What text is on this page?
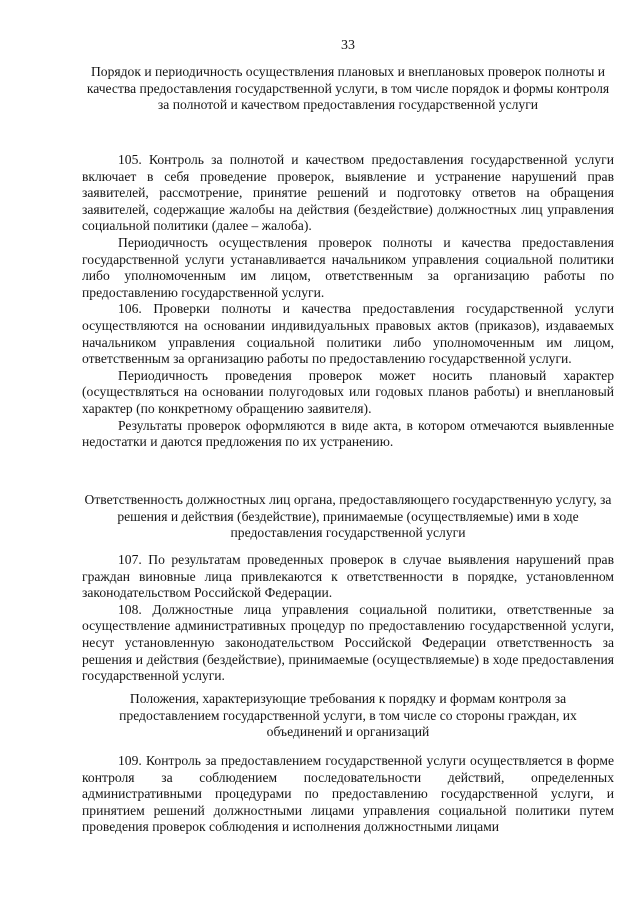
33

Порядок и периодичность осуществления плановых и внеплановых проверок полноты и качества предоставления государственной услуги, в том числе порядок и формы контроля за полнотой и качеством предоставления государственной услуги

105. Контроль за полнотой и качеством предоставления государственной услуги включает в себя проведение проверок, выявление и устранение нарушений прав заявителей, рассмотрение, принятие решений и подготовку ответов на обращения заявителей, содержащие жалобы на действия (бездействие) должностных лиц управления социальной политики (далее – жалоба).

Периодичность осуществления проверок полноты и качества предоставления государственной услуги устанавливается начальником управления социальной политики либо уполномоченным им лицом, ответственным за организацию работы по предоставлению государственной услуги.

106. Проверки полноты и качества предоставления государственной услуги осуществляются на основании индивидуальных правовых актов (приказов), издаваемых начальником управления социальной политики либо уполномоченным им лицом, ответственным за организацию работы по предоставлению государственной услуги.

Периодичность проведения проверок может носить плановый характер (осуществляться на основании полугодовых или годовых планов работы) и внеплановый характер (по конкретному обращению заявителя).

Результаты проверок оформляются в виде акта, в котором отмечаются выявленные недостатки и даются предложения по их устранению.

Ответственность должностных лиц органа, предоставляющего государственную услугу, за решения и действия (бездействие), принимаемые (осуществляемые) ими в ходе предоставления государственной услуги

107. По результатам проведенных проверок в случае выявления нарушений прав граждан виновные лица привлекаются к ответственности в порядке, установленном законодательством Российской Федерации.

108. Должностные лица управления социальной политики, ответственные за осуществление административных процедур по предоставлению государственной услуги, несут установленную законодательством Российской Федерации ответственность за решения и действия (бездействие), принимаемые (осуществляемые) в ходе предоставления государственной услуги.

Положения, характеризующие требования к порядку и формам контроля за предоставлением государственной услуги, в том числе со стороны граждан, их объединений и организаций

109. Контроль за предоставлением государственной услуги осуществляется в форме контроля за соблюдением последовательности действий, определенных административными процедурами по предоставлению государственной услуги, и принятием решений должностными лицами управления социальной политики путем проведения проверок соблюдения и исполнения должностными лицами
